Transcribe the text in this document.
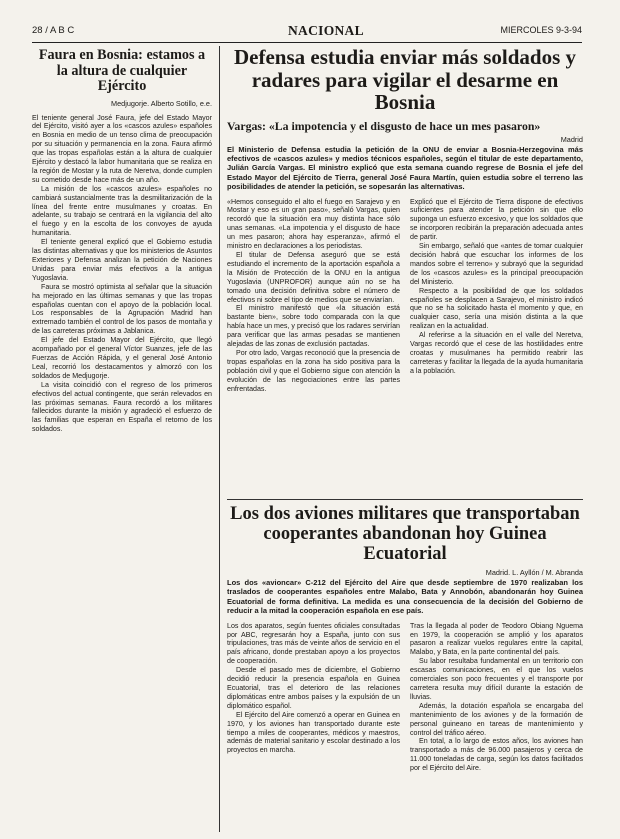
28 / A B C	NACIONAL	MIERCOLES 9-3-94
Faura en Bosnia: estamos a la altura de cualquier Ejército
Medjugorje. Alberto Sotillo, e.e.

El teniente general José Faura, jefe del Estado Mayor del Ejército, visitó ayer a los «cascos azules» españoles en Bosnia en medio de un tenso clima de preocupación por su situación y permanencia en la zona. Faura afirmó que las tropas españolas están a la altura de cualquier Ejército y destacó la labor humanitaria que se realiza en la región de Mostar y la ruta de Neretva, donde cumplen su cometido desde hace más de un año.

La misión de los «cascos azules» españoles no cambiará sustancialmente tras la desmilitarización de la línea del frente entre musulmanes y croatas. En adelante, su trabajo se centrará en la vigilancia del alto el fuego y en la escolta de los convoyes de ayuda humanitaria.

El teniente general explicó que el Gobierno estudia las distintas alternativas y que los ministerios de Asuntos Exteriores y Defensa analizan la petición de Naciones Unidas para enviar más efectivos a la antigua Yugoslavia.

Faura se mostró optimista al señalar que la situación ha mejorado en las últimas semanas y que las tropas españolas cuentan con el apoyo de la población local. Los responsables de la Agrupación Madrid han extremado también el control de los pasos de montaña y de las carreteras próximas a Jablanica.

El jefe del Estado Mayor del Ejército, que llegó acompañado por el general Víctor Suanzes, jefe de las Fuerzas de Acción Rápida, y el general José Antonio Leal, recorrió los destacamentos y almorzó con los soldados de Medjugorje.

La visita coincidió con el regreso de los primeros efectivos del actual contingente, que serán relevados en las próximas semanas. Faura recordó a los militares fallecidos durante la misión y agradeció el esfuerzo de las familias que esperan en España el retorno de los soldados.

Defensa estudia enviar más soldados y radares para vigilar el desarme en Bosnia
Vargas: «La impotencia y el disgusto de hace un mes pasaron»
Madrid

El Ministerio de Defensa estudia la petición de la ONU de enviar a Bosnia-Herzegovina más efectivos de «cascos azules» y medios técnicos españoles, según el titular de este departamento, Julián García Vargas. El ministro explicó que esta semana cuando regrese de Bosnia el jefe del Estado Mayor del Ejército de Tierra, general José Faura Martín, quien estudia sobre el terreno las posibilidades de atender la petición, se sopesarán las alternativas.

«Hemos conseguido el alto el fuego en Sarajevo y en Mostar y eso es un gran paso», señaló Vargas, quien recordó que la situación era muy distinta hace sólo unas semanas. «La impotencia y el disgusto de hace un mes pasaron; ahora hay esperanza», afirmó el ministro en declaraciones a los periodistas.

El titular de Defensa aseguró que se está estudiando el incremento de la aportación española a la Misión de Protección de la ONU en la antigua Yugoslavia (UNPROFOR) aunque aún no se ha tomado una decisión definitiva sobre el número de efectivos ni sobre el tipo de medios que se enviarían.

El ministro manifestó que «la situación está bastante bien», sobre todo comparada con la que había hace un mes, y precisó que los radares servirían para verificar que las armas pesadas se mantienen alejadas de las zonas de exclusión pactadas.

Por otro lado, Vargas reconoció que la presencia de tropas españolas en la zona ha sido positiva para la población civil y que el Gobierno sigue con atención la evolución de las negociaciones entre las partes enfrentadas.

Explicó que el Ejército de Tierra dispone de efectivos suficientes para atender la petición sin que ello suponga un esfuerzo excesivo, y que los soldados que se incorporen recibirán la preparación adecuada antes de partir.

Sin embargo, señaló que «antes de tomar cualquier decisión habrá que escuchar los informes de los mandos sobre el terreno» y subrayó que la seguridad de los «cascos azules» es la principal preocupación del Ministerio.

Respecto a la posibilidad de que los soldados españoles se desplacen a Sarajevo, el ministro indicó que no se ha solicitado hasta el momento y que, en cualquier caso, sería una misión distinta a la que realizan en la actualidad.

Al referirse a la situación en el valle del Neretva, Vargas recordó que el cese de las hostilidades entre croatas y musulmanes ha permitido reabrir las carreteras y facilitar la llegada de la ayuda humanitaria a la población.

Los dos aviones militares que transportaban cooperantes abandonan hoy Guinea Ecuatorial
Madrid. L. Ayllón / M. Abranda

Los dos «avioncar» C-212 del Ejército del Aire que desde septiembre de 1970 realizaban los traslados de cooperantes españoles entre Malabo, Bata y Annobón, abandonarán hoy Guinea Ecuatorial de forma definitiva. La medida es una consecuencia de la decisión del Gobierno de reducir a la mitad la cooperación española en ese país.

Los dos aparatos, según fuentes oficiales consultadas por ABC, regresarán hoy a España, junto con sus tripulaciones, tras más de veinte años de servicio en el país africano, donde prestaban apoyo a los proyectos de cooperación.

Desde el pasado mes de diciembre, el Gobierno decidió reducir la presencia española en Guinea Ecuatorial, tras el deterioro de las relaciones diplomáticas entre ambos países y la expulsión de un diplomático español.

El Ejército del Aire comenzó a operar en Guinea en 1970, y los aviones han transportado durante este tiempo a miles de cooperantes, médicos y maestros, además de material sanitario y escolar destinado a los proyectos en marcha.

Tras la llegada al poder de Teodoro Obiang Nguema en 1979, la cooperación se amplió y los aparatos pasaron a realizar vuelos regulares entre la capital, Malabo, y Bata, en la parte continental del país.

Su labor resultaba fundamental en un territorio con escasas comunicaciones, en el que los vuelos comerciales son poco frecuentes y el transporte por carretera resulta muy difícil durante la estación de lluvias.

Además, la dotación española se encargaba del mantenimiento de los aviones y de la formación de personal guineano en tareas de mantenimiento y control del tráfico aéreo.

En total, a lo largo de estos años, los aviones han transportado a más de 96.000 pasajeros y cerca de 11.000 toneladas de carga, según los datos facilitados por el Ejército del Aire.
